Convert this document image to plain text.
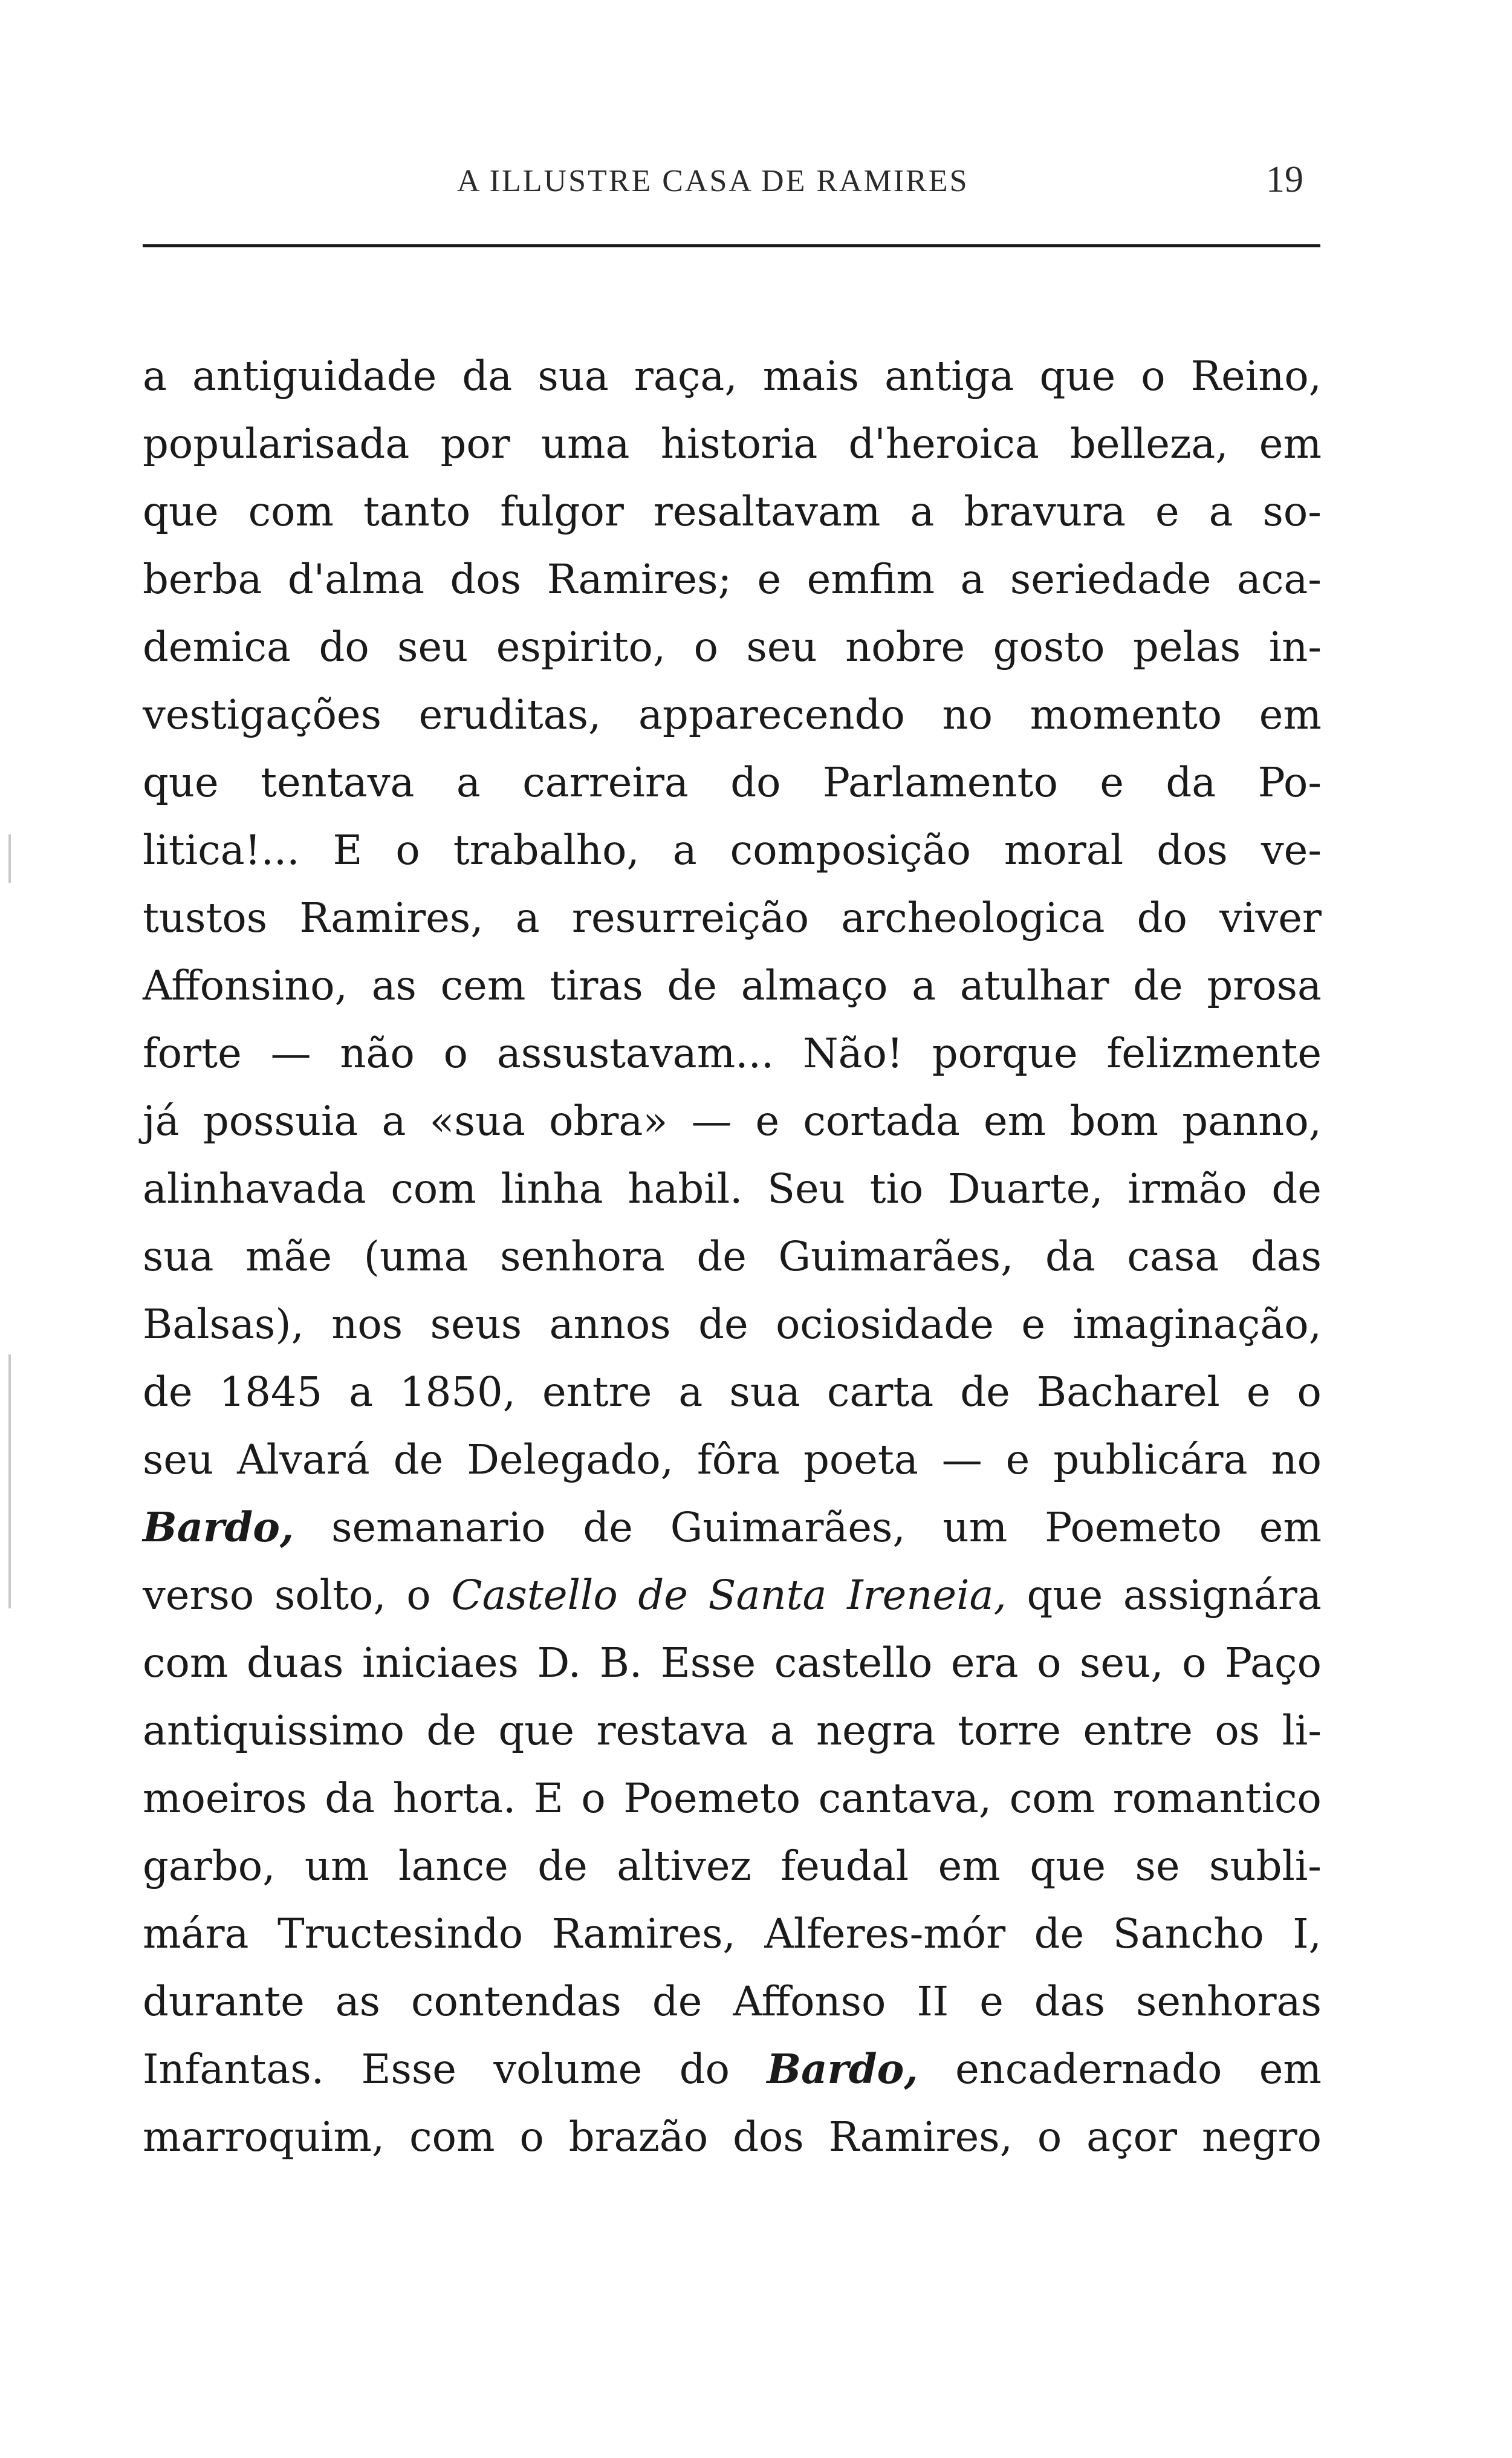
A ILLUSTRE CASA DE RAMIRES	19
a antiguidade da sua raça, mais antiga que o Reino,
popularisada por uma historia d'heroica belleza, em
que com tanto fulgor resaltavam a bravura e a so-
berba d'alma dos Ramires; e emfim a seriedade aca-
demica do seu espirito, o seu nobre gosto pelas in-
vestigações eruditas, apparecendo no momento em
que tentava a carreira do Parlamento e da Po-
litica!... E o trabalho, a composição moral dos ve-
tustos Ramires, a resurreição archeologica do viver
Affonsino, as cem tiras de almaço a atulhar de prosa
forte — não o assustavam... Não! porque felizmente
já possuia a «sua obra» — e cortada em bom panno,
alinhavada com linha habil. Seu tio Duarte, irmão de
sua mãe (uma senhora de Guimarães, da casa das
Balsas), nos seus annos de ociosidade e imaginação,
de 1845 a 1850, entre a sua carta de Bacharel e o
seu Alvará de Delegado, fôra poeta — e publicára no
Bardo, semanario de Guimarães, um Poemeto em
verso solto, o Castello de Santa Ireneia, que assignára
com duas iniciaes D. B. Esse castello era o seu, o Paço
antiquissimo de que restava a negra torre entre os li-
moeiros da horta. E o Poemeto cantava, com romantico
garbo, um lance de altivez feudal em que se subli-
mára Tructesindo Ramires, Alferes-mór de Sancho I,
durante as contendas de Affonso II e das senhoras
Infantas. Esse volume do Bardo, encadernado em
marroquim, com o brazão dos Ramires, o açor negro
